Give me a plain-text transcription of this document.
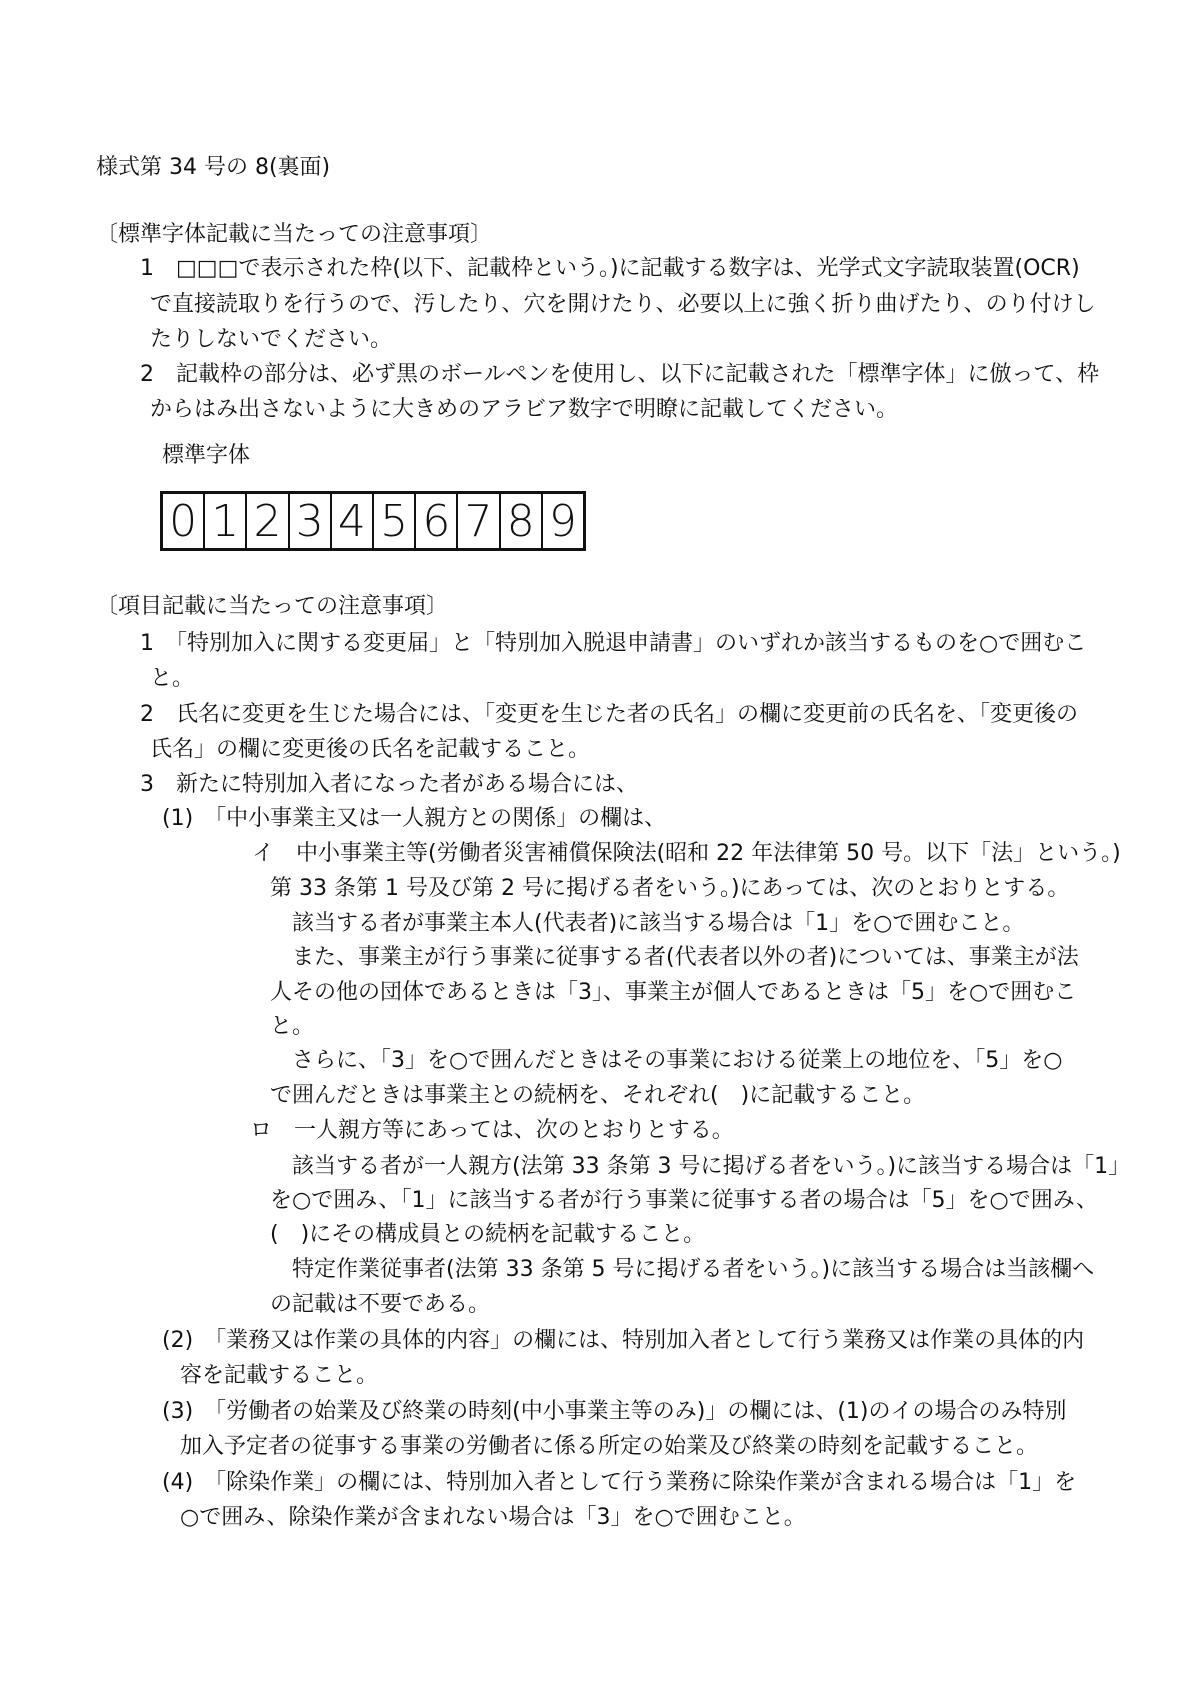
様式第 34 号の 8(裏面)
〔標準字体記載に当たっての注意事項〕
1　□□□で表示された枠(以下、記載枠という。)に記載する数字は、光学式文字読取装置(OCR)
で直接読取りを行うので、汚したり、穴を開けたり、必要以上に強く折り曲げたり、のり付けし
たりしないでください。
2　記載枠の部分は、必ず黒のボールペンを使用し、以下に記載された「標準字体」に倣って、枠
からはみ出さないように大きめのアラビア数字で明瞭に記載してください。
標準字体
0 1 2 3 4 5 6 7 8 9
〔項目記載に当たっての注意事項〕
1　「特別加入に関する変更届」と「特別加入脱退申請書」のいずれか該当するものを○で囲むこ
と。
2　氏名に変更を生じた場合には、「変更を生じた者の氏名」の欄に変更前の氏名を、「変更後の
氏名」の欄に変更後の氏名を記載すること。
3　新たに特別加入者になった者がある場合には、
(1)　「中小事業主又は一人親方との関係」の欄は、
イ　中小事業主等(労働者災害補償保険法(昭和 22 年法律第 50 号。以下「法」という。)
第 33 条第 1 号及び第 2 号に掲げる者をいう。)にあっては、次のとおりとする。
該当する者が事業主本人(代表者)に該当する場合は「1」を○で囲むこと。
また、事業主が行う事業に従事する者(代表者以外の者)については、事業主が法
人その他の団体であるときは「3」、事業主が個人であるときは「5」を○で囲むこ
と。
さらに、「3」を○で囲んだときはその事業における従業上の地位を、「5」を○
で囲んだときは事業主との続柄を、それぞれ(　)に記載すること。
ロ　一人親方等にあっては、次のとおりとする。
該当する者が一人親方(法第 33 条第 3 号に掲げる者をいう。)に該当する場合は「1」
を○で囲み、「1」に該当する者が行う事業に従事する者の場合は「5」を○で囲み、
(　)にその構成員との続柄を記載すること。
特定作業従事者(法第 33 条第 5 号に掲げる者をいう。)に該当する場合は当該欄へ
の記載は不要である。
(2)　「業務又は作業の具体的内容」の欄には、特別加入者として行う業務又は作業の具体的内
容を記載すること。
(3)　「労働者の始業及び終業の時刻(中小事業主等のみ)」の欄には、(1)のイの場合のみ特別
加入予定者の従事する事業の労働者に係る所定の始業及び終業の時刻を記載すること。
(4)　「除染作業」の欄には、特別加入者として行う業務に除染作業が含まれる場合は「1」を
○で囲み、除染作業が含まれない場合は「3」を○で囲むこと。
